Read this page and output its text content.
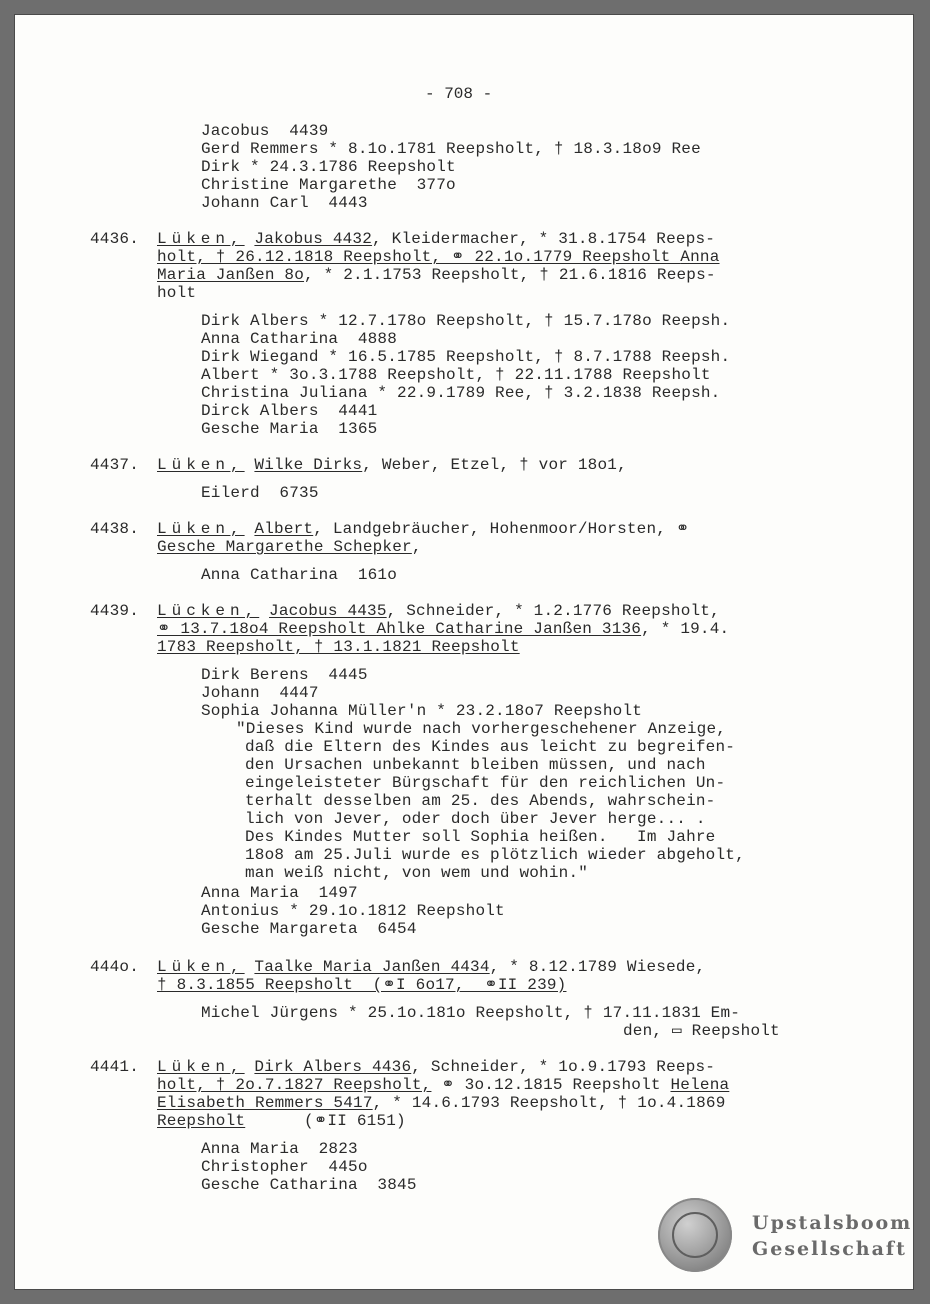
- 708 -
Jacobus  4439
Gerd Remmers * 8.1o.1781 Reepsholt, † 18.3.18o9 Ree
Dirk * 24.3.1786 Reepsholt
Christine Margarethe  377o
Johann Carl  4443
4436. Lüken, Jakobus 4432, Kleidermacher, * 31.8.1754 Reeps-
holt, † 26.12.1818 Reepsholt, ⚭ 22.1o.1779 Reepsholt Anna
Maria Janßen 8o, * 2.1.1753 Reepsholt, † 21.6.1816 Reeps-
holt
Dirk Albers * 12.7.178o Reepsholt, † 15.7.178o Reepsh.
Anna Catharina  4888
Dirk Wiegand * 16.5.1785 Reepsholt, † 8.7.1788 Reepsh.
Albert * 3o.3.1788 Reepsholt, † 22.11.1788 Reepsholt
Christina Juliana * 22.9.1789 Ree, † 3.2.1838 Reepsh.
Dirck Albers  4441
Gesche Maria  1365
4437. Lüken, Wilke Dirks, Weber, Etzel, † vor 18o1,
Eilerd  6735
4438. Lüken, Albert, Landgebräucher, Hohenmoor/Horsten, ⚭
Gesche Margarethe Schepker,
Anna Catharina  161o
4439. Lücken, Jacobus 4435, Schneider, * 1.2.1776 Reepsholt,
⚭ 13.7.18o4 Reepsholt Ahlke Catharine Janßen 3136, * 19.4.
1783 Reepsholt, † 13.1.1821 Reepsholt
Dirk Berens  4445
Johann  4447
Sophia Johanna Müller'n * 23.2.18o7 Reepsholt
"Dieses Kind wurde nach vorhergeschehener Anzeige,
daß die Eltern des Kindes aus leicht zu begreifen-
den Ursachen unbekannt bleiben müssen, und nach
eingeleisteter Bürgschaft für den reichlichen Un-
terhalt desselben am 25. des Abends, wahrschein-
lich von Jever, oder doch über Jever herge... .
Des Kindes Mutter soll Sophia heißen.   Im Jahre
18o8 am 25.Juli wurde es plötzlich wieder abgeholt,
man weiß nicht, von wem und wohin."
Anna Maria  1497
Antonius * 29.1o.1812 Reepsholt
Gesche Margareta  6454
444o. Lüken, Taalke Maria Janßen 4434, * 8.12.1789 Wiesede,
† 8.3.1855 Reepsholt  (⚭I 6o17,  ⚭II 239)
Michel Jürgens * 25.1o.181o Reepsholt, † 17.11.1831 Em-
den, ▭ Reepsholt
4441. Lüken, Dirk Albers 4436, Schneider, * 1o.9.1793 Reeps-
holt, † 2o.7.1827 Reepsholt, ⚭ 3o.12.1815 Reepsholt Helena
Elisabeth Remmers 5417, * 14.6.1793 Reepsholt, † 1o.4.1869
Reepsholt      (⚭II 6151)
Anna Maria  2823
Christopher  445o
Gesche Catharina  3845
Upstalsboom
Gesellschaft
